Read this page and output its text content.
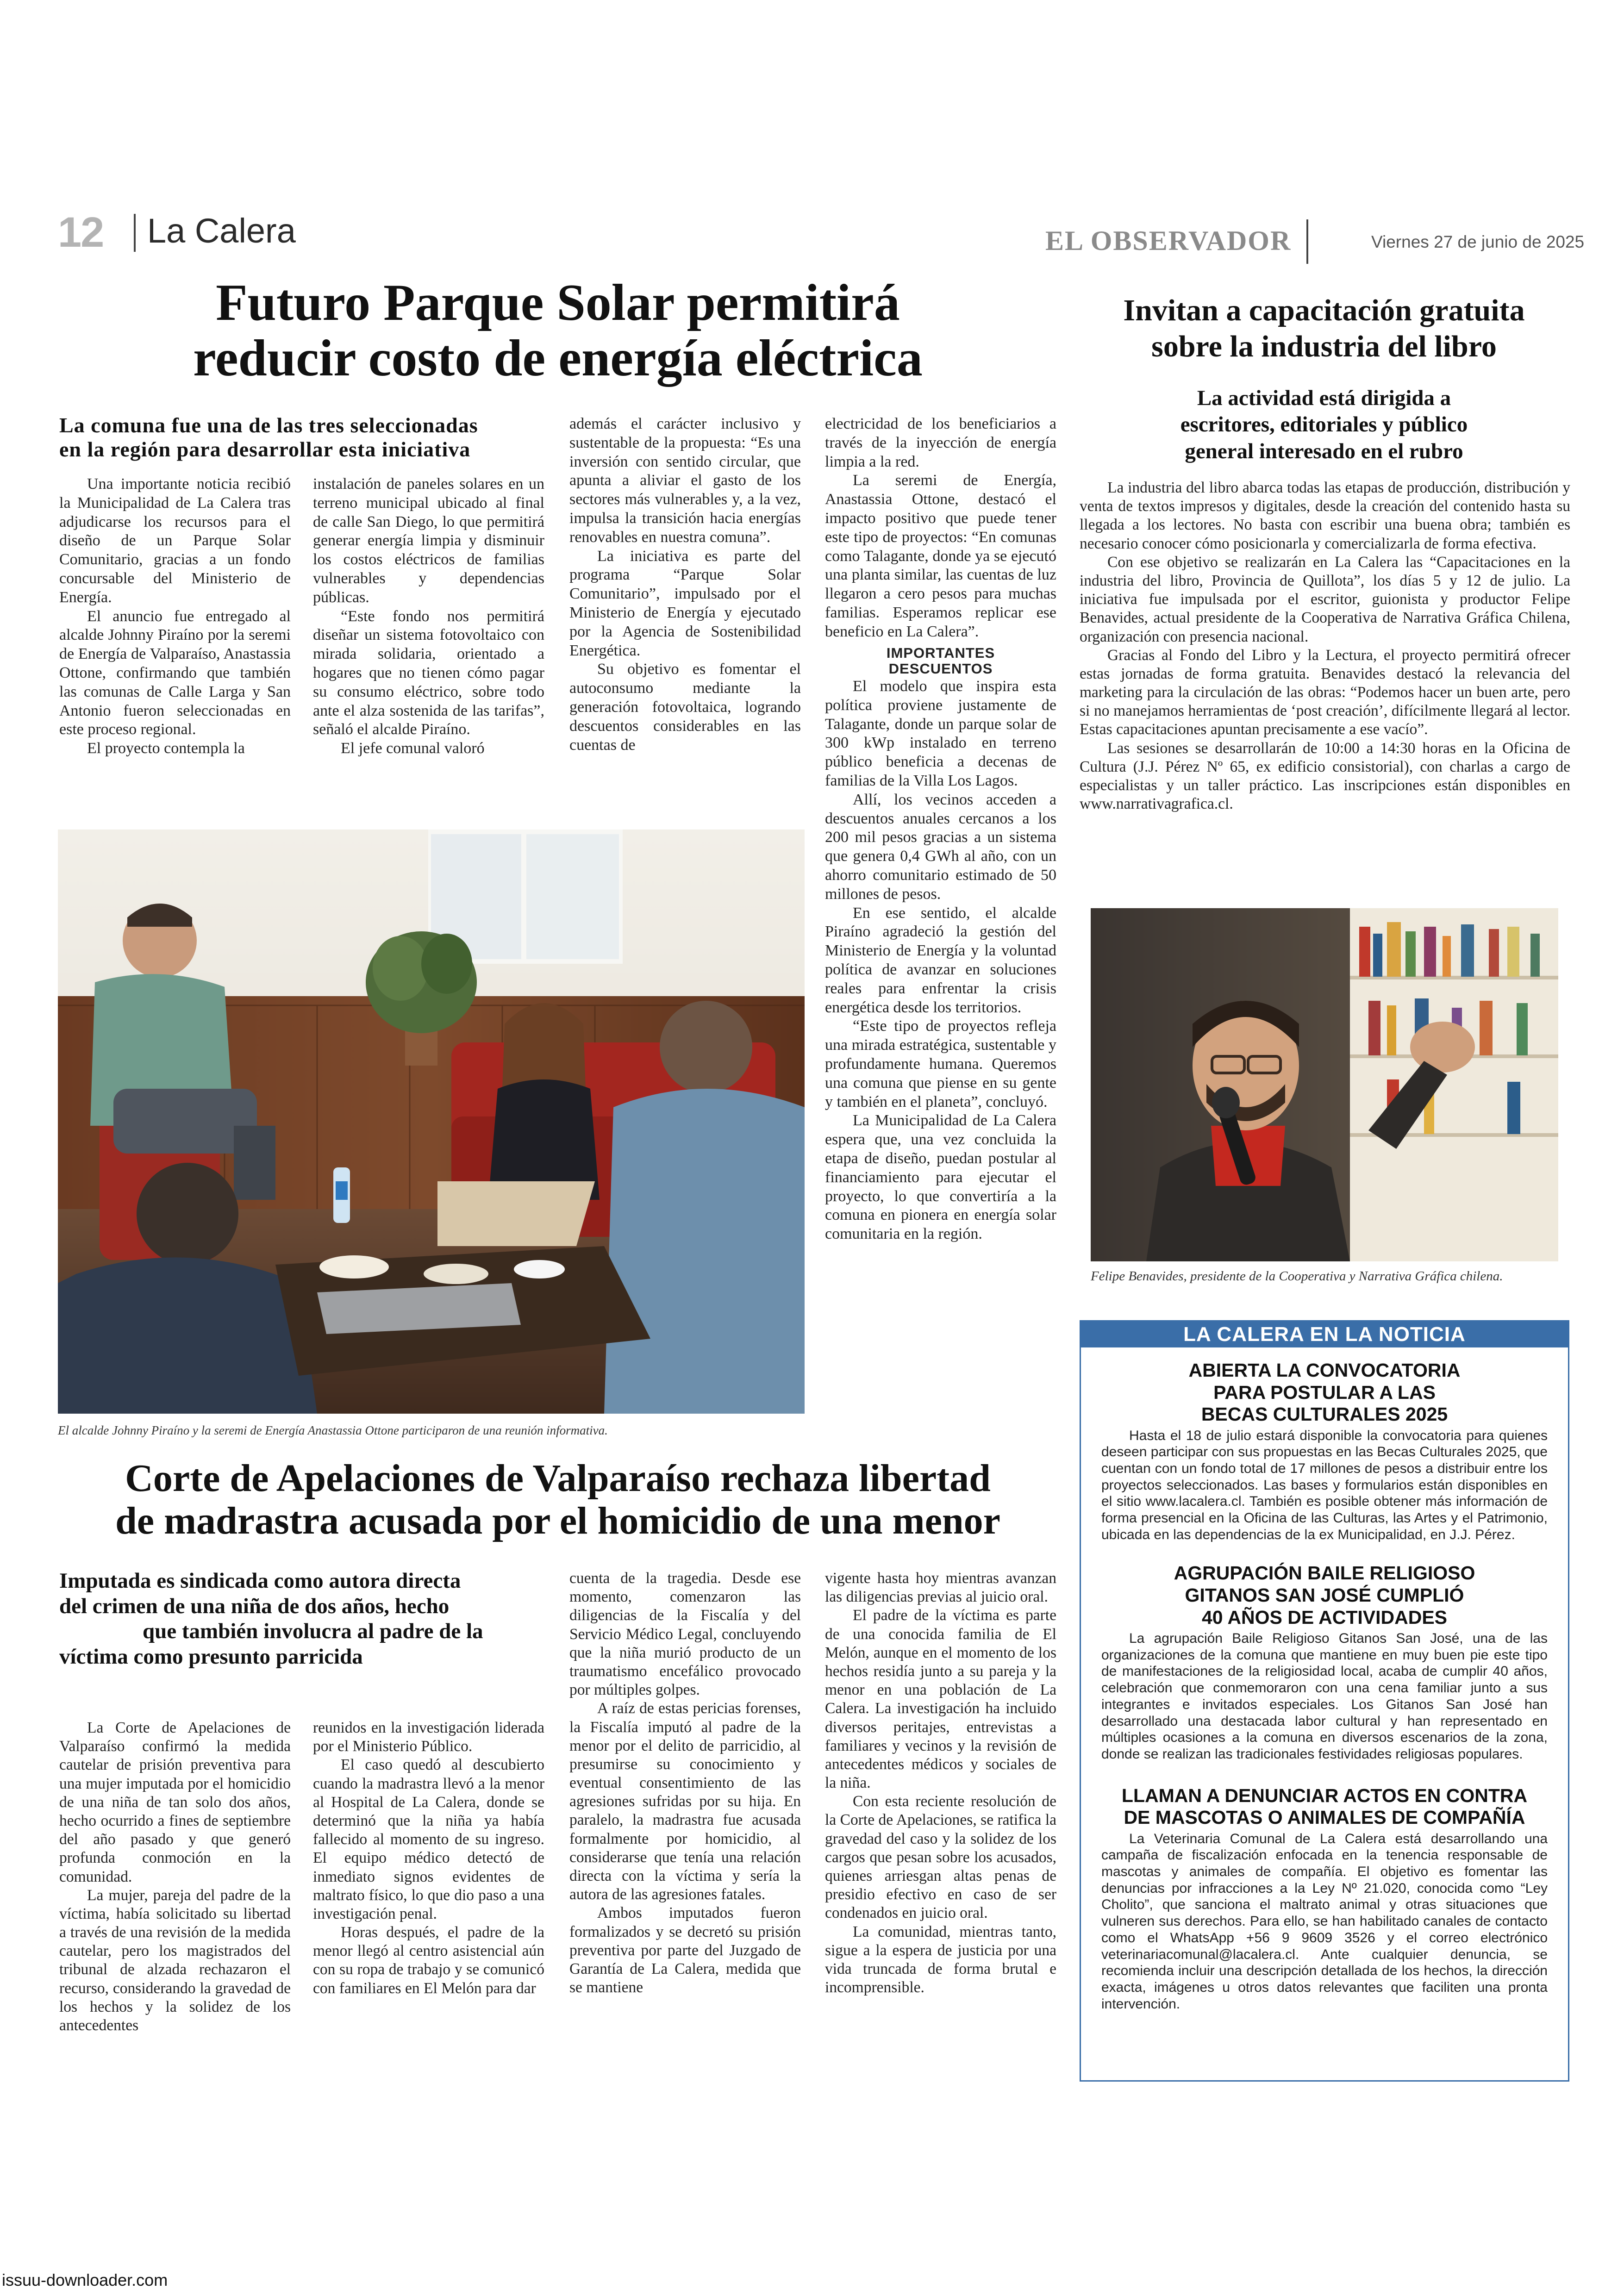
12 La Calera	EL OBSERVADOR	Viernes 27 de junio de 2025
Futuro Parque Solar permitirá
reducir costo de energía eléctrica
La comuna fue una de las tres seleccionadas
en la región para desarrollar esta iniciativa

Una importante noticia recibió la Municipalidad de La Calera tras adjudicarse los recursos para el diseño de un Parque Solar Comunitario, gracias a un fondo concursable del Ministerio de Energía.

El anuncio fue entregado al alcalde Johnny Piraíno por la seremi de Energía de Valparaíso, Anastassia Ottone, confirmando que también las comunas de Calle Larga y San Antonio fueron seleccionadas en este proceso regional.

El proyecto contempla la

instalación de paneles solares en un terreno municipal ubicado al final de calle San Diego, lo que permitirá generar energía limpia y disminuir los costos eléctricos de familias vulnerables y dependencias públicas.

“Este fondo nos permitirá diseñar un sistema fotovoltaico con mirada solidaria, orientado a hogares que no tienen cómo pagar su consumo eléctrico, sobre todo ante el alza sostenida de las tarifas”, señaló el alcalde Piraíno.

El jefe comunal valoró

además el carácter inclusivo y sustentable de la propuesta: “Es una inversión con sentido circular, que apunta a aliviar el gasto de los sectores más vulnerables y, a la vez, impulsa la transición hacia energías renovables en nuestra comuna”.

La iniciativa es parte del programa “Parque Solar Comunitario”, impulsado por el Ministerio de Energía y ejecutado por la Agencia de Sostenibilidad Energética.

Su objetivo es fomentar el autoconsumo mediante la generación fotovoltaica, logrando descuentos considerables en las cuentas de

electricidad de los beneficiarios a través de la inyección de energía limpia a la red.

La seremi de Energía, Anastassia Ottone, destacó el impacto positivo que puede tener este tipo de proyectos: “En comunas como Talagante, donde ya se ejecutó una planta similar, las cuentas de luz llegaron a cero pesos para muchas familias. Esperamos replicar ese beneficio en La Calera”.

IMPORTANTES
DESCUENTOS

El modelo que inspira esta política proviene justamente de Talagante, donde un parque solar de 300 kWp instalado en terreno público beneficia a decenas de familias de la Villa Los Lagos.

Allí, los vecinos acceden a descuentos anuales cercanos a los 200 mil pesos gracias a un sistema que genera 0,4 GWh al año, con un ahorro comunitario estimado de 50 millones de pesos.

En ese sentido, el alcalde Piraíno agradeció la gestión del Ministerio de Energía y la voluntad política de avanzar en soluciones reales para enfrentar la crisis energética desde los territorios.

“Este tipo de proyectos refleja una mirada estratégica, sustentable y profundamente humana. Queremos una comuna que piense en su gente y también en el planeta”, concluyó.

La Municipalidad de La Calera espera que, una vez concluida la etapa de diseño, puedan postular al financiamiento para ejecutar el proyecto, lo que convertiría a la comuna en pionera en energía solar comunitaria en la región.

El alcalde Johnny Piraíno y la seremi de Energía Anastassia Ottone participaron de una reunión informativa.
Corte de Apelaciones de Valparaíso rechaza libertad
de madrastra acusada por el homicidio de una menor
Imputada es sindicada como autora directa
del crimen de una niña de dos años, hecho
que también involucra al padre de la
víctima como presunto parricida

La Corte de Apelaciones de Valparaíso confirmó la medida cautelar de prisión preventiva para una mujer imputada por el homicidio de una niña de tan solo dos años, hecho ocurrido a fines de septiembre del año pasado y que generó profunda conmoción en la comunidad.

La mujer, pareja del padre de la víctima, había solicitado su libertad a través de una revisión de la medida cautelar, pero los magistrados del tribunal de alzada rechazaron el recurso, considerando la gravedad de los hechos y la solidez de los antecedentes

reunidos en la investigación liderada por el Ministerio Público.

El caso quedó al descubierto cuando la madrastra llevó a la menor al Hospital de La Calera, donde se determinó que la niña ya había fallecido al momento de su ingreso. El equipo médico detectó de inmediato signos evidentes de maltrato físico, lo que dio paso a una investigación penal.

Horas después, el padre de la menor llegó al centro asistencial aún con su ropa de trabajo y se comunicó con familiares en El Melón para dar

cuenta de la tragedia. Desde ese momento, comenzaron las diligencias de la Fiscalía y del Servicio Médico Legal, concluyendo que la niña murió producto de un traumatismo encefálico provocado por múltiples golpes.

A raíz de estas pericias forenses, la Fiscalía imputó al padre de la menor por el delito de parricidio, al presumirse su conocimiento y eventual consentimiento de las agresiones sufridas por su hija. En paralelo, la madrastra fue acusada formalmente por homicidio, al considerarse que tenía una relación directa con la víctima y sería la autora de las agresiones fatales.

Ambos imputados fueron formalizados y se decretó su prisión preventiva por parte del Juzgado de Garantía de La Calera, medida que se mantiene

vigente hasta hoy mientras avanzan las diligencias previas al juicio oral.

El padre de la víctima es parte de una conocida familia de El Melón, aunque en el momento de los hechos residía junto a su pareja y la menor en una población de La Calera. La investigación ha incluido diversos peritajes, entrevistas a familiares y vecinos y la revisión de antecedentes médicos y sociales de la niña.

Con esta reciente resolución de la Corte de Apelaciones, se ratifica la gravedad del caso y la solidez de los cargos que pesan sobre los acusados, quienes arriesgan altas penas de presidio efectivo en caso de ser condenados en juicio oral.

La comunidad, mientras tanto, sigue a la espera de justicia por una vida truncada de forma brutal e incomprensible.

Invitan a capacitación gratuita
sobre la industria del libro
La actividad está dirigida a
escritores, editoriales y público
general interesado en el rubro

La industria del libro abarca todas las etapas de producción, distribución y venta de textos impresos y digitales, desde la creación del contenido hasta su llegada a los lectores. No basta con escribir una buena obra; también es necesario conocer cómo posicionarla y comercializarla de forma efectiva.

Con ese objetivo se realizarán en La Calera las “Capacitaciones en la industria del libro, Provincia de Quillota”, los días 5 y 12 de julio. La iniciativa fue impulsada por el escritor, guionista y productor Felipe Benavides, actual presidente de la Cooperativa de Narrativa Gráfica Chilena, organización con presencia nacional.

Gracias al Fondo del Libro y la Lectura, el proyecto permitirá ofrecer estas jornadas de forma gratuita. Benavides destacó la relevancia del marketing para la circulación de las obras: “Podemos hacer un buen arte, pero si no manejamos herramientas de ‘post creación’, difícilmente llegará al lector. Estas capacitaciones apuntan precisamente a ese vacío”.

Las sesiones se desarrollarán de 10:00 a 14:30 horas en la Oficina de Cultura (J.J. Pérez Nº 65, ex edificio consistorial), con charlas a cargo de especialistas y un taller práctico. Las inscripciones están disponibles en www.narrativagrafica.cl.

Felipe Benavides, presidente de la Cooperativa y Narrativa Gráfica chilena.
LA CALERA EN LA NOTICIA
ABIERTA LA CONVOCATORIA
PARA POSTULAR A LAS
BECAS CULTURALES 2025

Hasta el 18 de julio estará disponible la convocatoria para quienes deseen participar con sus propuestas en las Becas Culturales 2025, que cuentan con un fondo total de 17 millones de pesos a distribuir entre los proyectos seleccionados. Las bases y formularios están disponibles en el sitio www.lacalera.cl. También es posible obtener más información de forma presencial en la Oficina de las Culturas, las Artes y el Patrimonio, ubicada en las dependencias de la ex Municipalidad, en J.J. Pérez.

AGRUPACIÓN BAILE RELIGIOSO
GITANOS SAN JOSÉ CUMPLIÓ
40 AÑOS DE ACTIVIDADES

La agrupación Baile Religioso Gitanos San José, una de las organizaciones de la comuna que mantiene en muy buen pie este tipo de manifestaciones de la religiosidad local, acaba de cumplir 40 años, celebración que conmemoraron con una cena familiar junto a sus integrantes e invitados especiales. Los Gitanos San José han desarrollado una destacada labor cultural y han representado en múltiples ocasiones a la comuna en diversos escenarios de la zona, donde se realizan las tradicionales festividades religiosas populares.

LLAMAN A DENUNCIAR ACTOS EN CONTRA
DE MASCOTAS O ANIMALES DE COMPAÑÍA

La Veterinaria Comunal de La Calera está desarrollando una campaña de fiscalización enfocada en la tenencia responsable de mascotas y animales de compañía. El objetivo es fomentar las denuncias por infracciones a la Ley Nº 21.020, conocida como “Ley Cholito”, que sanciona el maltrato animal y otras situaciones que vulneren sus derechos. Para ello, se han habilitado canales de contacto como el WhatsApp +56 9 9609 3526 y el correo electrónico veterinariacomunal@lacalera.cl. Ante cualquier denuncia, se recomienda incluir una descripción detallada de los hechos, la dirección exacta, imágenes u otros datos relevantes que faciliten una pronta intervención.

issuu-downloader.com
